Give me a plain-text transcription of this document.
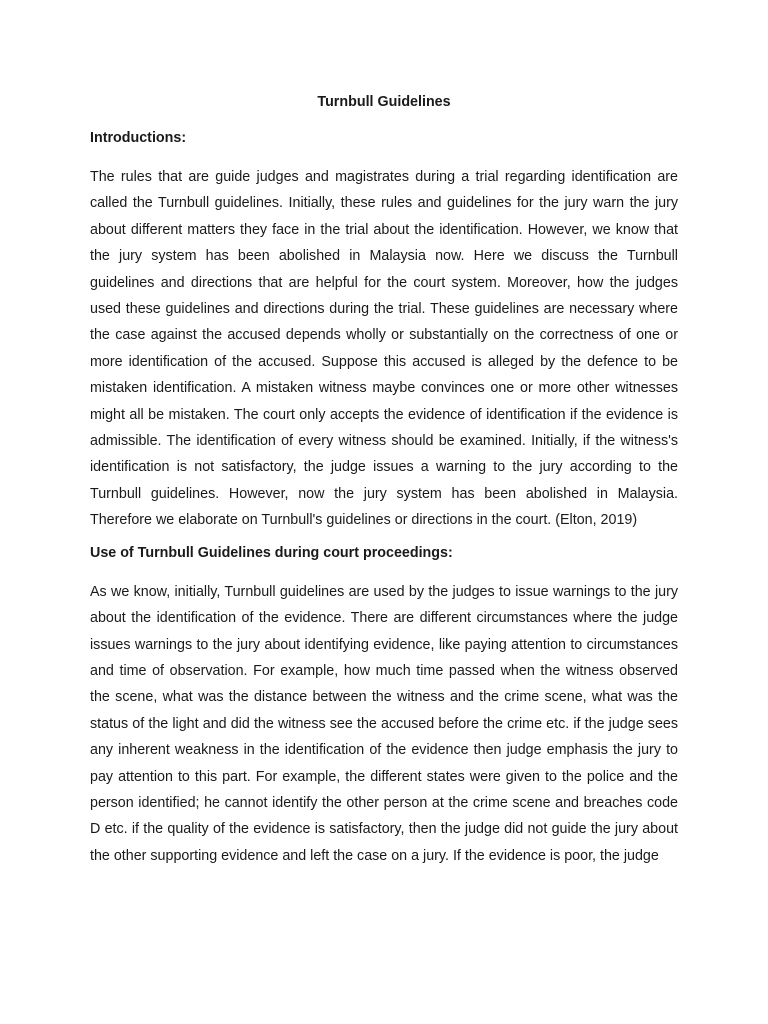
Turnbull Guidelines
Introductions:

The rules that are guide judges and magistrates during a trial regarding identification are called the Turnbull guidelines. Initially, these rules and guidelines for the jury warn the jury about different matters they face in the trial about the identification. However, we know that the jury system has been abolished in Malaysia now. Here we discuss the Turnbull guidelines and directions that are helpful for the court system. Moreover, how the judges used these guidelines and directions during the trial. These guidelines are necessary where the case against the accused depends wholly or substantially on the correctness of one or more identification of the accused. Suppose this accused is alleged by the defence to be mistaken identification. A mistaken witness maybe convinces one or more other witnesses might all be mistaken. The court only accepts the evidence of identification if the evidence is admissible. The identification of every witness should be examined. Initially, if the witness's identification is not satisfactory, the judge issues a warning to the jury according to the Turnbull guidelines. However, now the jury system has been abolished in Malaysia. Therefore we elaborate on Turnbull's guidelines or directions in the court. (Elton, 2019)

Use of Turnbull Guidelines during court proceedings:

As we know, initially, Turnbull guidelines are used by the judges to issue warnings to the jury about the identification of the evidence. There are different circumstances where the judge issues warnings to the jury about identifying evidence, like paying attention to circumstances and time of observation. For example, how much time passed when the witness observed the scene, what was the distance between the witness and the crime scene, what was the status of the light and did the witness see the accused before the crime etc. if the judge sees any inherent weakness in the identification of the evidence then judge emphasis the jury to pay attention to this part. For example, the different states were given to the police and the person identified; he cannot identify the other person at the crime scene and breaches code D etc. if the quality of the evidence is satisfactory, then the judge did not guide the jury about the other supporting evidence and left the case on a jury. If the evidence is poor, the judge
